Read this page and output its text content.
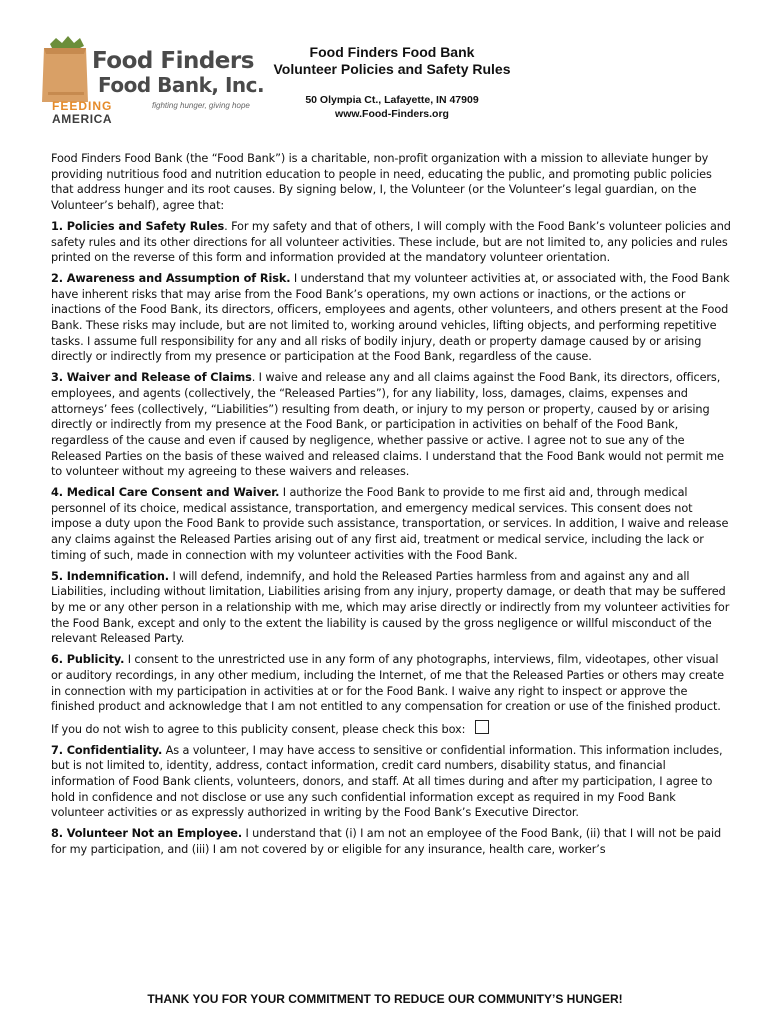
Food Finders
Food Bank, Inc.
FEEDING
AMERICA
fighting hunger, giving hope
Food Finders Food Bank
Volunteer Policies and Safety Rules
50 Olympia Ct., Lafayette, IN 47909
www.Food-Finders.org

Food Finders Food Bank (the “Food Bank”) is a charitable, non-profit organization with a mission to alleviate hunger by providing nutritious food and nutrition education to people in need, educating the public, and promoting public policies that address hunger and its root causes. By signing below, I, the Volunteer (or the Volunteer’s legal guardian, on the Volunteer’s behalf), agree that:

1. Policies and Safety Rules. For my safety and that of others, I will comply with the Food Bank’s volunteer policies and safety rules and its other directions for all volunteer activities. These include, but are not limited to, any policies and rules printed on the reverse of this form and information provided at the mandatory volunteer orientation.

2. Awareness and Assumption of Risk. I understand that my volunteer activities at, or associated with, the Food Bank have inherent risks that may arise from the Food Bank’s operations, my own actions or inactions, or the actions or inactions of the Food Bank, its directors, officers, employees and agents, other volunteers, and others present at the Food Bank. These risks may include, but are not limited to, working around vehicles, lifting objects, and performing repetitive tasks. I assume full responsibility for any and all risks of bodily injury, death or property damage caused by or arising directly or indirectly from my presence or participation at the Food Bank, regardless of the cause.

3. Waiver and Release of Claims. I waive and release any and all claims against the Food Bank, its directors, officers, employees, and agents (collectively, the “Released Parties”), for any liability, loss, damages, claims, expenses and attorneys’ fees (collectively, “Liabilities”) resulting from death, or injury to my person or property, caused by or arising directly or indirectly from my presence at the Food Bank, or participation in activities on behalf of the Food Bank, regardless of the cause and even if caused by negligence, whether passive or active. I agree not to sue any of the Released Parties on the basis of these waived and released claims. I understand that the Food Bank would not permit me to volunteer without my agreeing to these waivers and releases.

4. Medical Care Consent and Waiver. I authorize the Food Bank to provide to me first aid and, through medical personnel of its choice, medical assistance, transportation, and emergency medical services. This consent does not impose a duty upon the Food Bank to provide such assistance, transportation, or services. In addition, I waive and release any claims against the Released Parties arising out of any first aid, treatment or medical service, including the lack or timing of such, made in connection with my volunteer activities with the Food Bank.

5. Indemnification. I will defend, indemnify, and hold the Released Parties harmless from and against any and all Liabilities, including without limitation, Liabilities arising from any injury, property damage, or death that may be suffered by me or any other person in a relationship with me, which may arise directly or indirectly from my volunteer activities for the Food Bank, except and only to the extent the liability is caused by the gross negligence or willful misconduct of the relevant Released Party.

6. Publicity. I consent to the unrestricted use in any form of any photographs, interviews, film, videotapes, other visual or auditory recordings, in any other medium, including the Internet, of me that the Released Parties or others may create in connection with my participation in activities at or for the Food Bank. I waive any right to inspect or approve the finished product and acknowledge that I am not entitled to any compensation for creation or use of the finished product.

If you do not wish to agree to this publicity consent, please check this box:

7. Confidentiality. As a volunteer, I may have access to sensitive or confidential information. This information includes, but is not limited to, identity, address, contact information, credit card numbers, disability status, and financial information of Food Bank clients, volunteers, donors, and staff. At all times during and after my participation, I agree to hold in confidence and not disclose or use any such confidential information except as required in my Food Bank volunteer activities or as expressly authorized in writing by the Food Bank’s Executive Director.

8. Volunteer Not an Employee. I understand that (i) I am not an employee of the Food Bank, (ii) that I will not be paid for my participation, and (iii) I am not covered by or eligible for any insurance, health care, worker’s

THANK YOU FOR YOUR COMMITMENT TO REDUCE OUR COMMUNITY’S HUNGER!
